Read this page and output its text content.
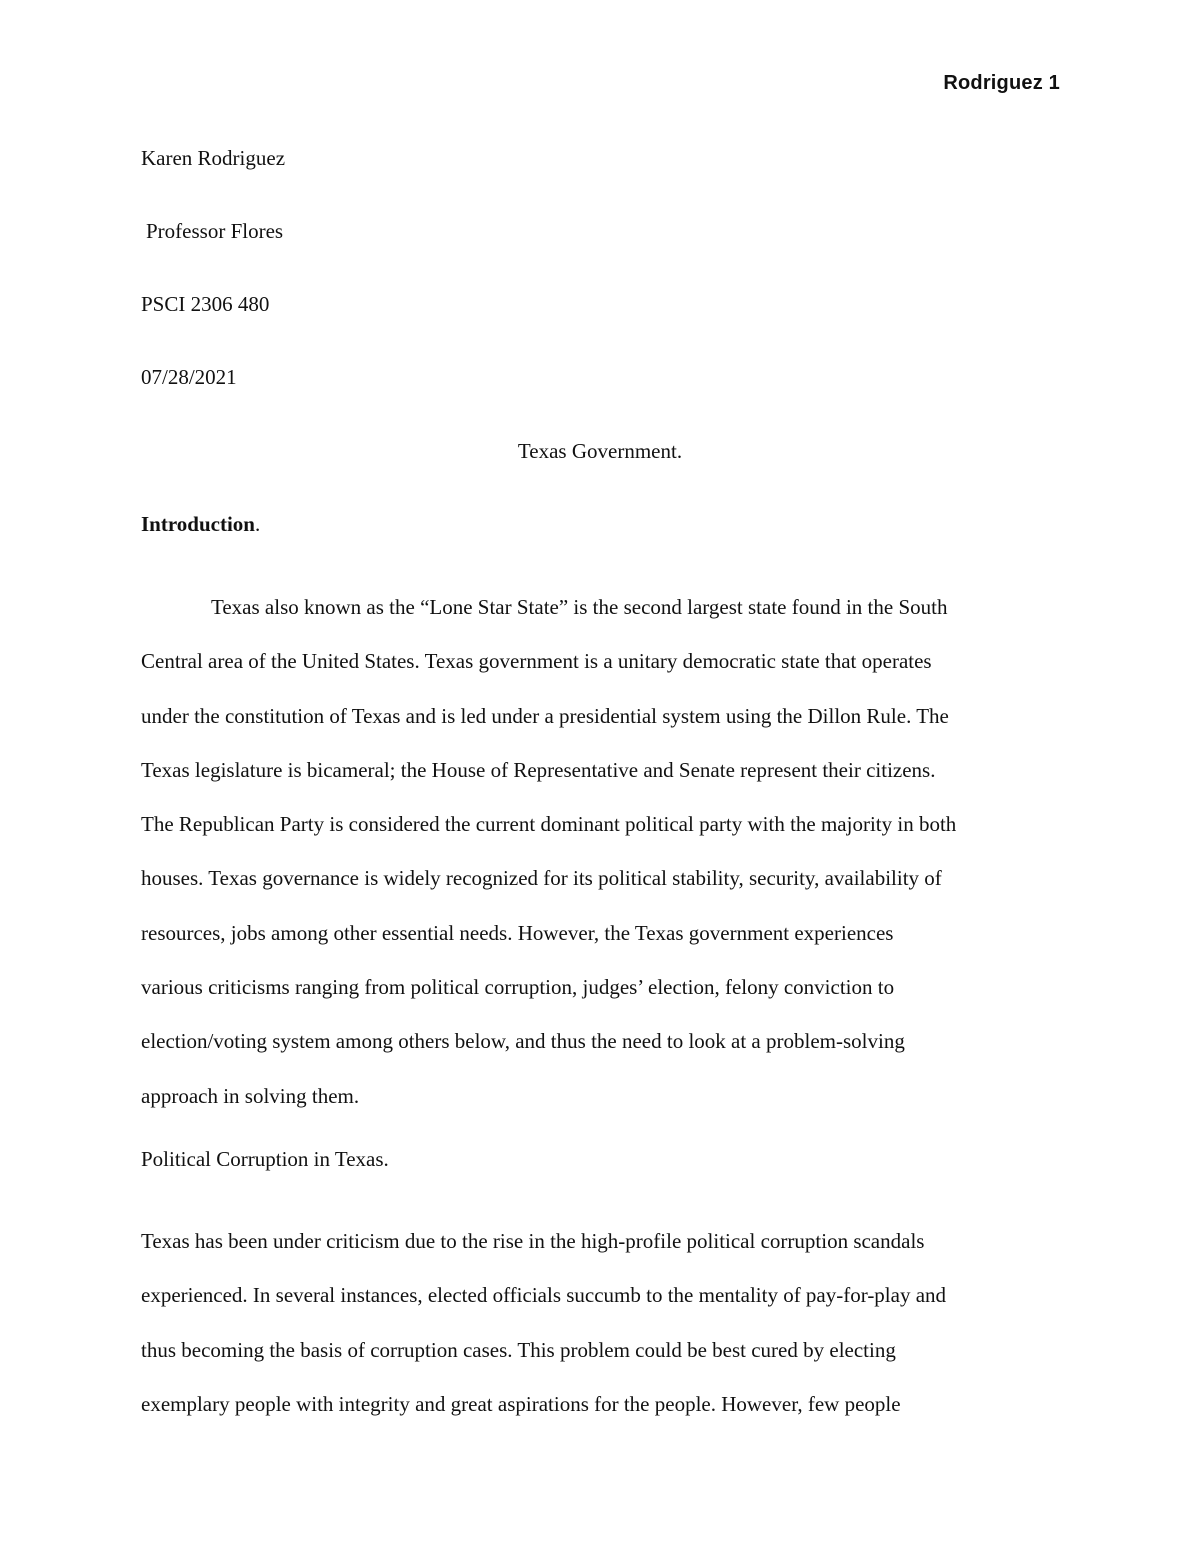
Rodriguez 1
Karen Rodriguez
Professor Flores
PSCI 2306 480
07/28/2021
Texas Government.
Introduction.
Texas also known as the “Lone Star State” is the second largest state found in the South
Central area of the United States. Texas government is a unitary democratic state that operates
under the constitution of Texas and is led under a presidential system using the Dillon Rule. The
Texas legislature is bicameral; the House of Representative and Senate represent their citizens.
The Republican Party is considered the current dominant political party with the majority in both
houses. Texas governance is widely recognized for its political stability, security, availability of
resources, jobs among other essential needs. However, the Texas government experiences
various criticisms ranging from political corruption, judges’ election, felony conviction to
election/voting system among others below, and thus the need to look at a problem-solving
approach in solving them.
Political Corruption in Texas.
Texas has been under criticism due to the rise in the high-profile political corruption scandals
experienced. In several instances, elected officials succumb to the mentality of pay-for-play and
thus becoming the basis of corruption cases. This problem could be best cured by electing
exemplary people with integrity and great aspirations for the people. However, few people
